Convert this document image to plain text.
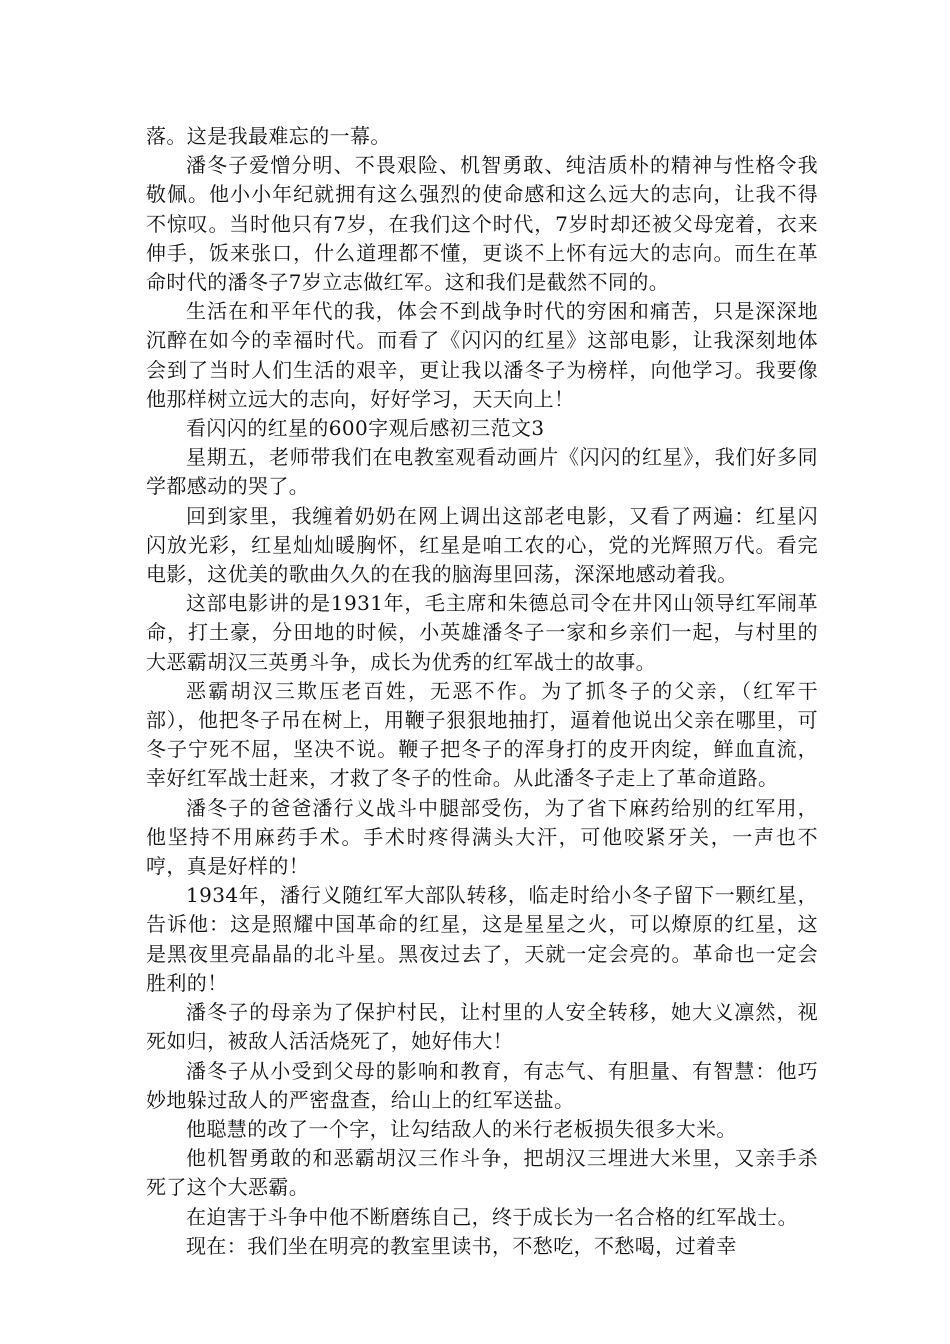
落。这是我最难忘的一幕。

潘冬子爱憎分明、不畏艰险、机智勇敢、纯洁质朴的精神与性格令我敬佩。他小小年纪就拥有这么强烈的使命感和这么远大的志向，让我不得不惊叹。当时他只有7岁，在我们这个时代，7岁时却还被父母宠着，衣来伸手，饭来张口，什么道理都不懂，更谈不上怀有远大的志向。而生在革命时代的潘冬子7岁立志做红军。这和我们是截然不同的。

生活在和平年代的我，体会不到战争时代的穷困和痛苦，只是深深地沉醉在如今的幸福时代。而看了《闪闪的红星》这部电影，让我深刻地体会到了当时人们生活的艰辛，更让我以潘冬子为榜样，向他学习。我要像他那样树立远大的志向，好好学习，天天向上！

看闪闪的红星的600字观后感初三范文3

星期五，老师带我们在电教室观看动画片《闪闪的红星》，我们好多同学都感动的哭了。

回到家里，我缠着奶奶在网上调出这部老电影，又看了两遍：红星闪闪放光彩，红星灿灿暖胸怀，红星是咱工农的心，党的光辉照万代。看完电影，这优美的歌曲久久的在我的脑海里回荡，深深地感动着我。

这部电影讲的是1931年，毛主席和朱德总司令在井冈山领导红军闹革命，打土豪，分田地的时候，小英雄潘冬子一家和乡亲们一起，与村里的大恶霸胡汉三英勇斗争，成长为优秀的红军战士的故事。

恶霸胡汉三欺压老百姓，无恶不作。为了抓冬子的父亲，（红军干部），他把冬子吊在树上，用鞭子狠狠地抽打，逼着他说出父亲在哪里，可冬子宁死不屈，坚决不说。鞭子把冬子的浑身打的皮开肉绽，鲜血直流，幸好红军战士赶来，才救了冬子的性命。从此潘冬子走上了革命道路。

潘冬子的爸爸潘行义战斗中腿部受伤，为了省下麻药给别的红军用，他坚持不用麻药手术。手术时疼得满头大汗，可他咬紧牙关，一声也不哼，真是好样的！

1934年，潘行义随红军大部队转移，临走时给小冬子留下一颗红星，告诉他：这是照耀中国革命的红星，这是星星之火，可以燎原的红星，这是黑夜里亮晶晶的北斗星。黑夜过去了，天就一定会亮的。革命也一定会胜利的！

潘冬子的母亲为了保护村民，让村里的人安全转移，她大义凛然，视死如归，被敌人活活烧死了，她好伟大！

潘冬子从小受到父母的影响和教育，有志气、有胆量、有智慧：他巧妙地躲过敌人的严密盘查，给山上的红军送盐。

他聪慧的改了一个字，让勾结敌人的米行老板损失很多大米。

他机智勇敢的和恶霸胡汉三作斗争，把胡汉三埋进大米里，又亲手杀死了这个大恶霸。

在迫害于斗争中他不断磨练自己，终于成长为一名合格的红军战士。

现在：我们坐在明亮的教室里读书，不愁吃，不愁喝，过着幸
